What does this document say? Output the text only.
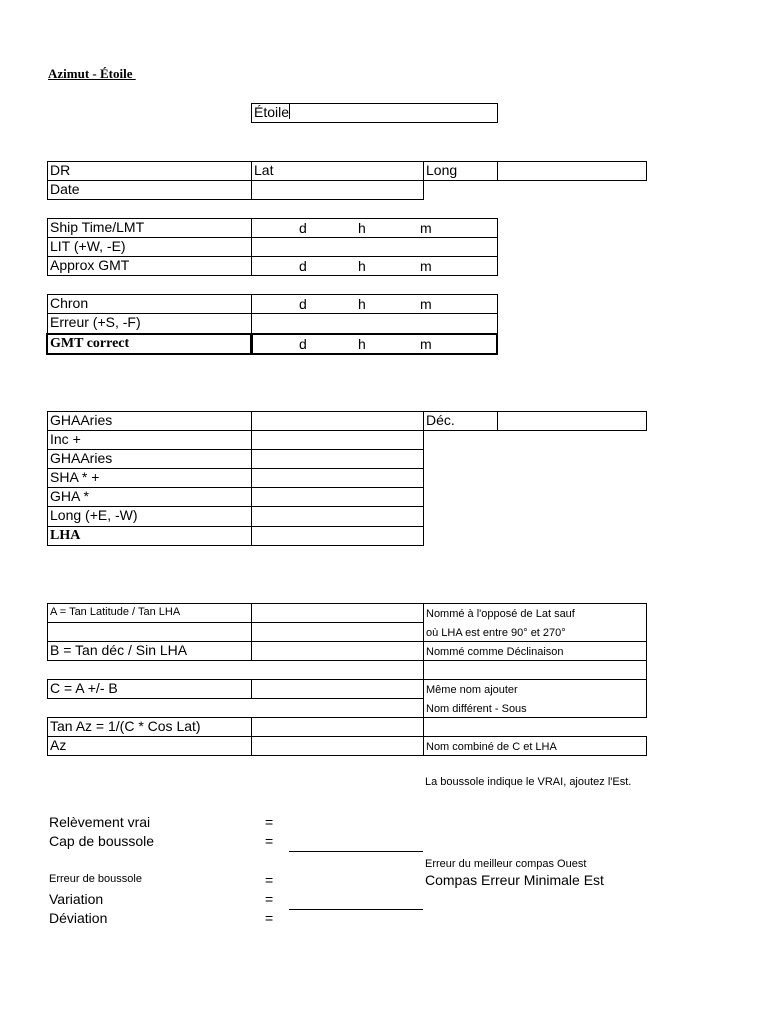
Azimut - Étoile
Étoile
DR	Lat	Long
Date
Ship Time/LMT	d	h	m
LIT (+W, -E)
Approx GMT	d	h	m
Chron	d	h	m
Erreur (+S, -F)
GMT correct	d	h	m
GHAAries	Déc.
Inc +
GHAAries
SHA * +
GHA *
Long (+E, -W)
LHA
A = Tan Latitude / Tan LHA	Nommé à l'opposé de Lat sauf
où LHA est entre 90° et 270°
B = Tan déc / Sin LHA	Nommé comme Déclinaison
C = A +/- B	Même nom ajouter
Nom différent - Sous
Tan Az = 1/(C * Cos Lat)
Az	Nom combiné de C et LHA
La boussole indique le VRAI, ajoutez l'Est.
Relèvement vrai	=
Cap de boussole	=
Erreur du meilleur compas Ouest
Erreur de boussole	=	Compas Erreur Minimale Est
Variation	=
Déviation	=
